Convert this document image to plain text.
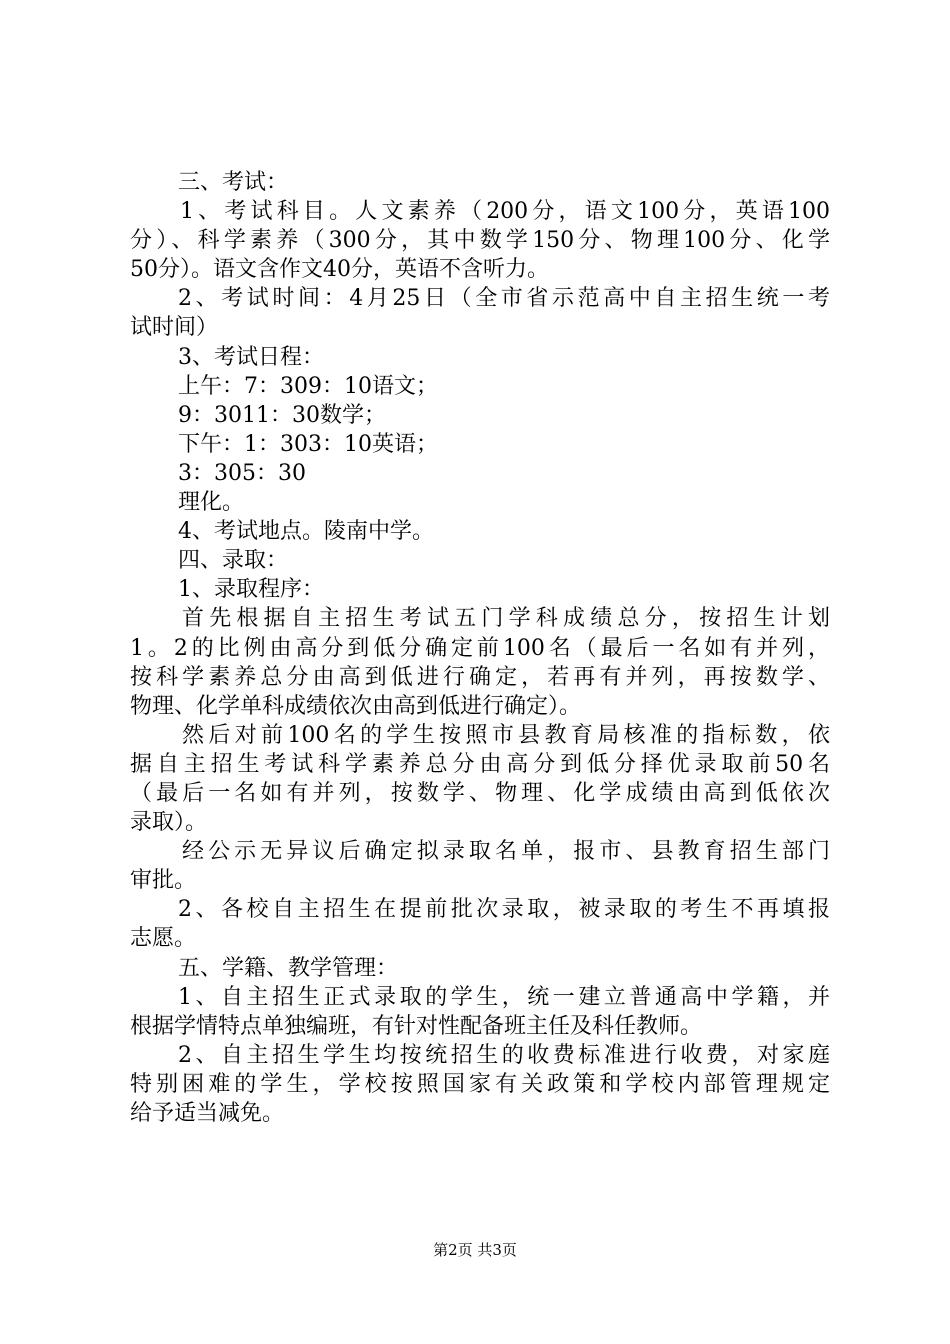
三、考试：
1、考试科目。人文素养（200分，语文100分，英语100
分）、科学素养（300分，其中数学150分、物理100分、化学
50分）。语文含作文40分，英语不含听力。
2、考试时间：4月25日（全市省示范高中自主招生统一考
试时间）
3、考试日程：
上午：7：309：10语文；
9：3011：30数学；
下午：1：303：10英语；
3：305：30
理化。
4、考试地点。陵南中学。
四、录取：
1、录取程序：
首先根据自主招生考试五门学科成绩总分，按招生计划
1。2的比例由高分到低分确定前100名（最后一名如有并列，
按科学素养总分由高到低进行确定，若再有并列，再按数学、
物理、化学单科成绩依次由高到低进行确定）。
然后对前100名的学生按照市县教育局核准的指标数，依
据自主招生考试科学素养总分由高分到低分择优录取前50名
（最后一名如有并列，按数学、物理、化学成绩由高到低依次
录取）。
经公示无异议后确定拟录取名单，报市、县教育招生部门
审批。
2、各校自主招生在提前批次录取，被录取的考生不再填报
志愿。
五、学籍、教学管理：
1、自主招生正式录取的学生，统一建立普通高中学籍，并
根据学情特点单独编班，有针对性配备班主任及科任教师。
2、自主招生学生均按统招生的收费标准进行收费，对家庭
特别困难的学生，学校按照国家有关政策和学校内部管理规定
给予适当减免。
第2页 共3页
